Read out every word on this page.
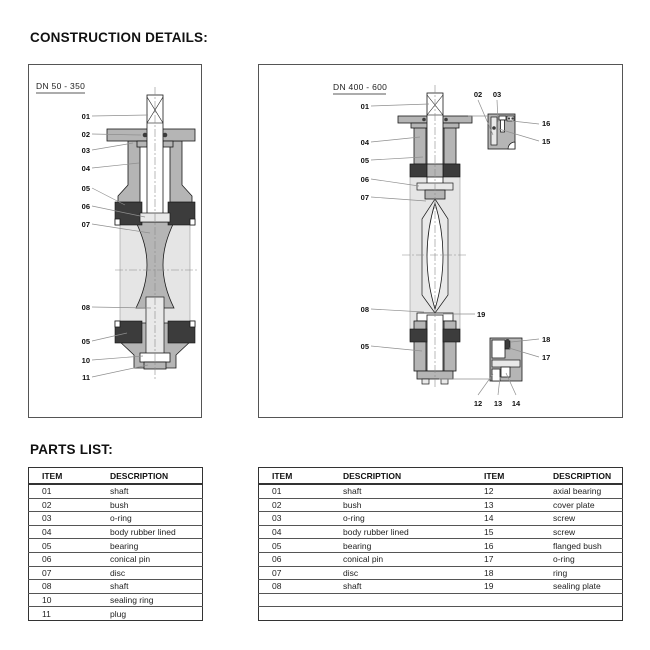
CONSTRUCTION DETAILS:
DN 50 - 350
01
02
03
04
05
06
07
08
05
10
11
DN 400 - 600
01
04
05
06
07
08
05
02 03
12 13 14
19
16
15
18
17
PARTS LIST:
ITEM	DESCRIPTION
01	shaft
02	bush
03	o-ring
04	body rubber lined
05	bearing
06	conical pin
07	disc
08	shaft
10	sealing ring
11	plug
ITEM	DESCRIPTION	ITEM	DESCRIPTION
01	shaft	12	axial bearing
02	bush	13	cover plate
03	o-ring	14	screw
04	body rubber lined	15	screw
05	bearing	16	flanged bush
06	conical pin	17	o-ring
07	disc	18	ring
08	shaft	19	sealing plate
